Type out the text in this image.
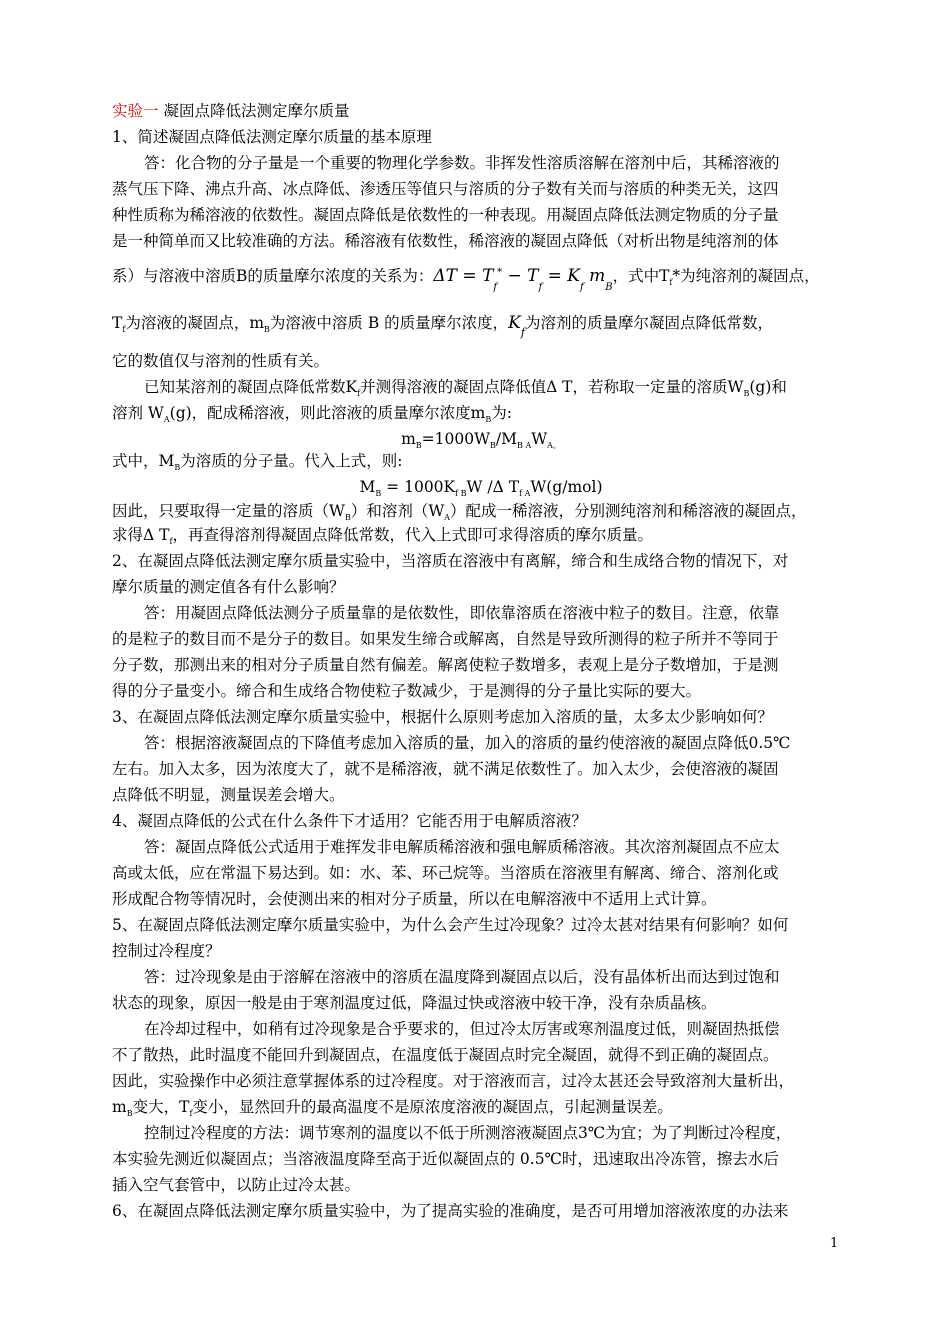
实验一 凝固点降低法测定摩尔质量
1、简述凝固点降低法测定摩尔质量的基本原理
答：化合物的分子量是一个重要的物理化学参数。非挥发性溶质溶解在溶剂中后，其稀溶液的
蒸气压下降、沸点升高、冰点降低、渗透压等值只与溶质的分子数有关而与溶质的种类无关，这四
种性质称为稀溶液的依数性。凝固点降低是依数性的一种表现。用凝固点降低法测定物质的分子量
是一种简单而又比较准确的方法。稀溶液有依数性，稀溶液的凝固点降低（对析出物是纯溶剂的体
系）与溶液中溶质B的质量摩尔浓度的关系为：$\Delta T = T_f^* - T_f = K_f$ $m_B$，式中$T_f*$为纯溶剂的凝固点，
$T_f$为溶液的凝固点，$m_B$为溶液中溶质 B 的质量摩尔浓度，$K_f$为溶剂的质量摩尔凝固点降低常数，
它的数值仅与溶剂的性质有关。
已知某溶剂的凝固点降低常数$K_f$并测得溶液的凝固点降低值Δ T，若称取一定量的溶质$W_B(g)$和
溶剂 $W_A(g)$，配成稀溶液，则此溶液的质量摩尔浓度$m_B$为:
$m_B=1000W_B/M_{B A}W_{A。}$
式中，$M_B$为溶质的分子量。代入上式，则:
$M_B = 1000K_{f B}W$ /Δ $T_{f A}W(g/mol)$
因此，只要取得一定量的溶质$(W_B)$和溶剂$(W_A)$配成一稀溶液，分别测纯溶剂和稀溶液的凝固点，
求得Δ $T_f$，再查得溶剂得凝固点降低常数，代入上式即可求得溶质的摩尔质量。
2、在凝固点降低法测定摩尔质量实验中，当溶质在溶液中有离解，缔合和生成络合物的情况下，对
摩尔质量的测定值各有什么影响？
答：用凝固点降低法测分子质量靠的是依数性，即依靠溶质在溶液中粒子的数目。注意，依靠
的是粒子的数目而不是分子的数目。如果发生缔合或解离，自然是导致所测得的粒子所并不等同于
分子数，那测出来的相对分子质量自然有偏差。解离使粒子数增多，表观上是分子数增加，于是测
得的分子量变小。缔合和生成络合物使粒子数减少，于是测得的分子量比实际的要大。
3、在凝固点降低法测定摩尔质量实验中，根据什么原则考虑加入溶质的量，太多太少影响如何？
答：根据溶液凝固点的下降值考虑加入溶质的量，加入的溶质的量约使溶液的凝固点降低0.5℃
左右。加入太多，因为浓度大了，就不是稀溶液，就不满足依数性了。加入太少，会使溶液的凝固
点降低不明显，测量误差会增大。
4、凝固点降低的公式在什么条件下才适用？它能否用于电解质溶液？
答：凝固点降低公式适用于难挥发非电解质稀溶液和强电解质稀溶液。其次溶剂凝固点不应太
高或太低，应在常温下易达到。如：水、苯、环己烷等。当溶质在溶液里有解离、缔合、溶剂化或
形成配合物等情况时，会使测出来的相对分子质量，所以在电解溶液中不适用上式计算。
5、在凝固点降低法测定摩尔质量实验中，为什么会产生过冷现象？过冷太甚对结果有何影响？如何
控制过冷程度？
答：过冷现象是由于溶解在溶液中的溶质在温度降到凝固点以后，没有晶体析出而达到过饱和
状态的现象，原因一般是由于寒剂温度过低，降温过快或溶液中较干净，没有杂质晶核。
在冷却过程中，如稍有过冷现象是合乎要求的，但过冷太厉害或寒剂温度过低，则凝固热抵偿
不了散热，此时温度不能回升到凝固点，在温度低于凝固点时完全凝固，就得不到正确的凝固点。
因此，实验操作中必须注意掌握体系的过冷程度。对于溶液而言，过冷太甚还会导致溶剂大量析出，
$m_B$变大，$T_f$变小，显然回升的最高温度不是原浓度溶液的凝固点，引起测量误差。
控制过冷程度的方法：调节寒剂的温度以不低于所测溶液凝固点3℃为宜；为了判断过冷程度，
本实验先测近似凝固点；当溶液温度降至高于近似凝固点的 0.5℃时，迅速取出冷冻管，擦去水后
插入空气套管中，以防止过冷太甚。
6、在凝固点降低法测定摩尔质量实验中，为了提高实验的准确度，是否可用增加溶液浓度的办法来
1
